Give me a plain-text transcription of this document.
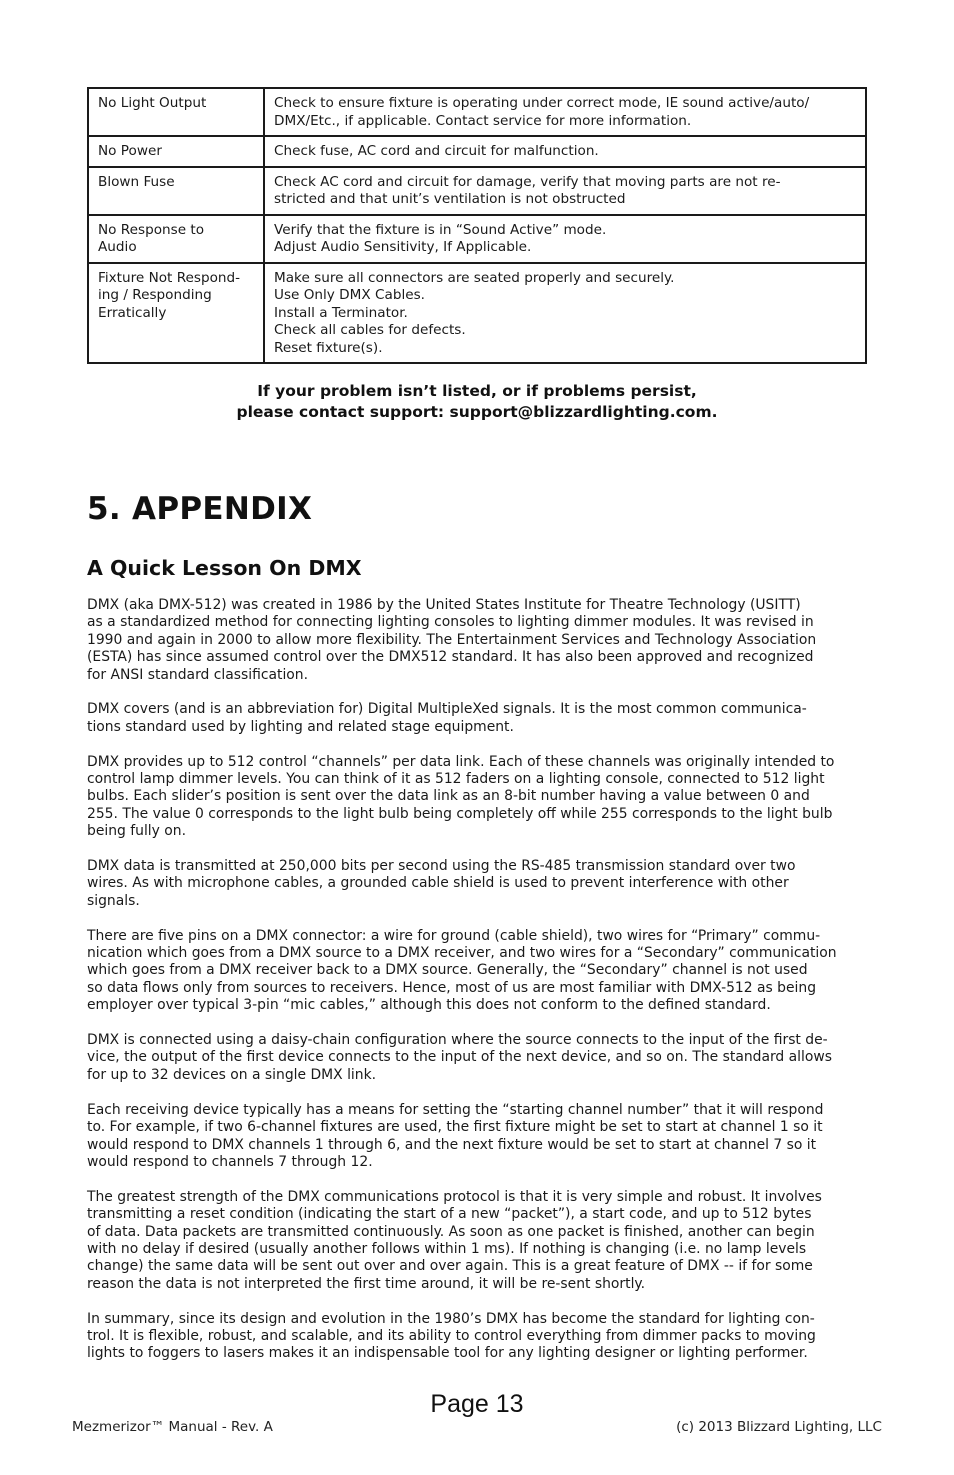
No Light Output	Check to ensure fixture is operating under correct mode, IE sound active/auto/
DMX/Etc., if applicable. Contact service for more information.
No Power	Check fuse, AC cord and circuit for malfunction.
Blown Fuse	Check AC cord and circuit for damage, verify that moving parts are not re-
stricted and that unit’s ventilation is not obstructed
No Response to
Audio	Verify that the fixture is in “Sound Active” mode.
Adjust Audio Sensitivity, If Applicable.
Fixture Not Respond-
ing / Responding
Erratically	Make sure all connectors are seated properly and securely.
Use Only DMX Cables.
Install a Terminator.
Check all cables for defects.
Reset fixture(s).
If your problem isn’t listed, or if problems persist,
please contact support: support@blizzardlighting.com.
5. APPENDIX
A Quick Lesson On DMX

DMX (aka DMX-512) was created in 1986 by the United States Institute for Theatre Technology (USITT)
as a standardized method for connecting lighting consoles to lighting dimmer modules. It was revised in
1990 and again in 2000 to allow more flexibility. The Entertainment Services and Technology Association
(ESTA) has since assumed control over the DMX512 standard. It has also been approved and recognized
for ANSI standard classification.

DMX covers (and is an abbreviation for) Digital MultipleXed signals. It is the most common communica-
tions standard used by lighting and related stage equipment.

DMX provides up to 512 control “channels” per data link. Each of these channels was originally intended to
control lamp dimmer levels. You can think of it as 512 faders on a lighting console, connected to 512 light
bulbs. Each slider’s position is sent over the data link as an 8-bit number having a value between 0 and
255. The value 0 corresponds to the light bulb being completely off while 255 corresponds to the light bulb
being fully on.

DMX data is transmitted at 250,000 bits per second using the RS-485 transmission standard over two
wires. As with microphone cables, a grounded cable shield is used to prevent interference with other
signals.

There are five pins on a DMX connector: a wire for ground (cable shield), two wires for “Primary” commu-
nication which goes from a DMX source to a DMX receiver, and two wires for a “Secondary” communication
which goes from a DMX receiver back to a DMX source. Generally, the “Secondary” channel is not used
so data flows only from sources to receivers. Hence, most of us are most familiar with DMX-512 as being
employer over typical 3-pin “mic cables,” although this does not conform to the defined standard.

DMX is connected using a daisy-chain configuration where the source connects to the input of the first de-
vice, the output of the first device connects to the input of the next device, and so on. The standard allows
for up to 32 devices on a single DMX link.

Each receiving device typically has a means for setting the “starting channel number” that it will respond
to. For example, if two 6-channel fixtures are used, the first fixture might be set to start at channel 1 so it
would respond to DMX channels 1 through 6, and the next fixture would be set to start at channel 7 so it
would respond to channels 7 through 12.

The greatest strength of the DMX communications protocol is that it is very simple and robust. It involves
transmitting a reset condition (indicating the start of a new “packet”), a start code, and up to 512 bytes
of data. Data packets are transmitted continuously. As soon as one packet is finished, another can begin
with no delay if desired (usually another follows within 1 ms). If nothing is changing (i.e. no lamp levels
change) the same data will be sent out over and over again. This is a great feature of DMX -- if for some
reason the data is not interpreted the first time around, it will be re-sent shortly.

In summary, since its design and evolution in the 1980’s DMX has become the standard for lighting con-
trol. It is flexible, robust, and scalable, and its ability to control everything from dimmer packs to moving
lights to foggers to lasers makes it an indispensable tool for any lighting designer or lighting performer.

Page 13
Mezmerizor™ Manual - Rev. A	(c) 2013 Blizzard Lighting, LLC
